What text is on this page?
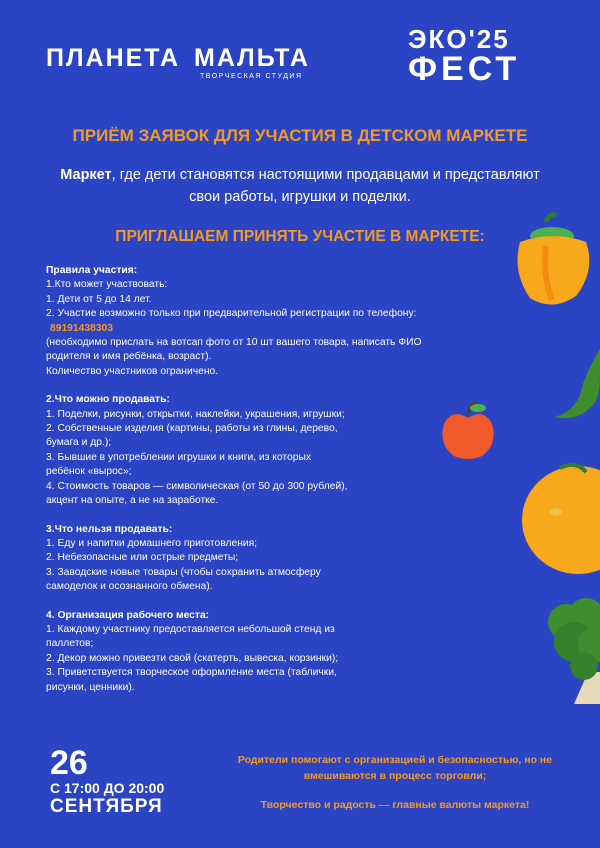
ПЛАНЕТА МАЛЬТА
ТВОРЧЕСКАЯ СТУДИЯ
ЭКО'25
ФЕСТ
ПРИЁМ ЗАЯВОК ДЛЯ УЧАСТИЯ В ДЕТСКОМ МАРКЕТЕ
Маркет, где дети становятся настоящими продавцами и представляют
свои работы, игрушки и поделки.
ПРИГЛАШАЕМ ПРИНЯТЬ УЧАСТИЕ В МАРКЕТЕ:
Правила участия:
1.Кто может участвовать:
1. Дети от 5 до 14 лет.
2. Участие возможно только при предварительной регистрации по телефону:
89191438303
(необходимо прислать на вотсап фото от 10 шт вашего товара, написать ФИО
родителя и имя ребёнка, возраст).
Количество участников ограничено.
2.Что можно продавать:
1. Поделки, рисунки, открытки, наклейки, украшения, игрушки;
2. Собственные изделия (картины, работы из глины, дерево,
бумага и др.);
3. Бывшие в употреблении игрушки и книги, из которых
ребёнок «вырос»;
4. Стоимость товаров — символическая (от 50 до 300 рублей),
акцент на опыте, а не на заработке.
3.Что нельзя продавать:
1. Еду и напитки домашнего приготовления;
2. Небезопасные или острые предметы;
3. Заводские новые товары (чтобы сохранить атмосферу
самоделок и осознанного обмена).
4. Организация рабочего места:
1. Каждому участнику предоставляется небольшой стенд из
паллетов;
2. Декор можно привезти свой (скатерть, вывеска, корзинки);
3. Приветствуется творческое оформление места (таблички,
рисунки, ценники).
26
С 17:00 ДО 20:00
СЕНТЯБРЯ
Родители помогают с организацией и безопасностью, но не
вмешиваются в процесс торговли;
Творчество и радость — главные валюты маркета!
